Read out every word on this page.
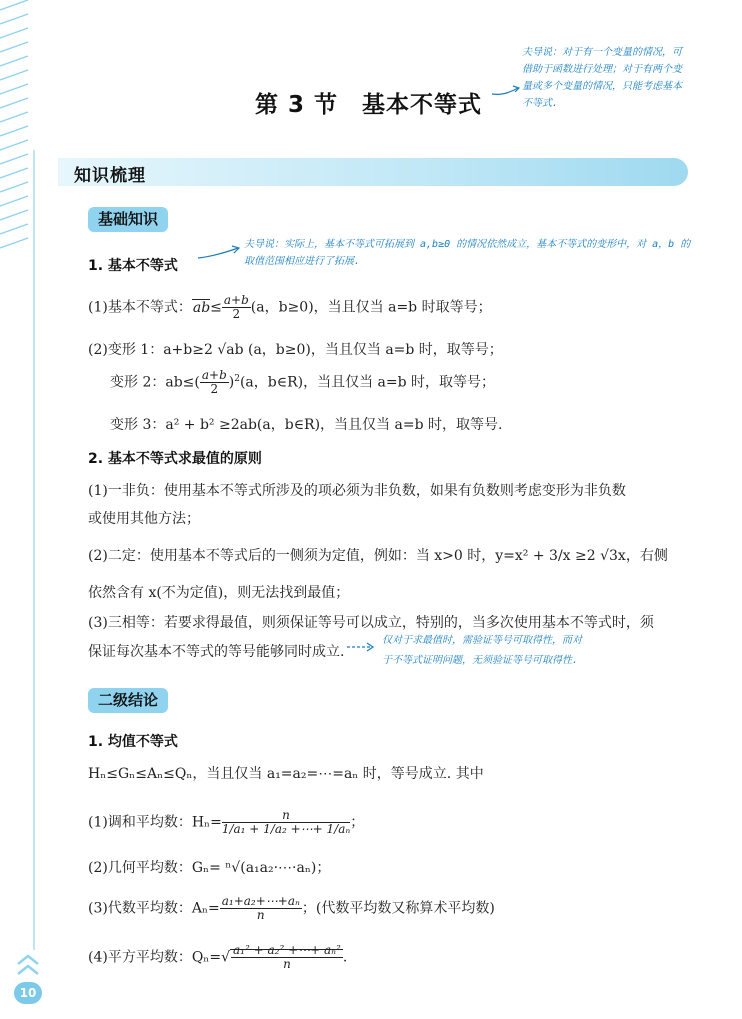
第 3 节　基本不等式
夫导说：对于有一个变量的情况，可借助于函数进行处理；对于有两个变量或多个变量的情况，只能考虑基本不等式.
知识梳理
基础知识
1. 基本不等式
夫导说：实际上，基本不等式可拓展到 a,b≥0 的情况依然成立，基本不等式的变形中，对 a，b 的取值范围相应进行了拓展.
(1)基本不等式：$ab\le \frac{a+b}{2} (a$，b≥0)，当且仅当 a=b 时取等号；
(2)变形 1：a+b≥2 √ab (a，b≥0)，当且仅当 a=b 时，取等号；
变形 2：$ab\le( \frac{a+b}{2} )^2(a$，b∈R)，当且仅当 a=b 时，取等号；
变形 3：a² + b² ≥2ab(a，b∈R)，当且仅当 a=b 时，取等号.
2. 基本不等式求最值的原则
(1)一非负：使用基本不等式所涉及的项必须为非负数，如果有负数则考虑变形为非负数
或使用其他方法；
(2)二定：使用基本不等式后的一侧须为定值，例如：当 x>0 时，y=x² + 3/x ≥2 √3x，右侧
依然含有 x(不为定值)，则无法找到最值；
(3)三相等：若要求得最值，则须保证等号可以成立，特别的，当多次使用基本不等式时，须
保证每次基本不等式的等号能够同时成立.
仅对于求最值时，需验证等号可取得性，而对
于不等式证明问题，无须验证等号可取得性.
二级结论
1. 均值不等式
Hₙ≤Gₙ≤Aₙ≤Qₙ，当且仅当 a₁=a₂=⋯=aₙ 时，等号成立. 其中
(1)调和平均数：$H_n= \frac{n}{\text{1/a₁ + 1/a₂ +⋯+ 1/aₙ}}$ ；
(2)几何平均数：Gₙ= ⁿ√(a₁a₂·⋯·aₙ)；
(3)代数平均数：$A_n= \frac{\text{a₁+a₂+⋯+aₙ}}{n}$ ；(代数平均数又称算术平均数)
(4)平方平均数：$Q_n=√ \frac{\text{a₁² + a₂² +⋯+ aₙ²}}{n}$ .
10
